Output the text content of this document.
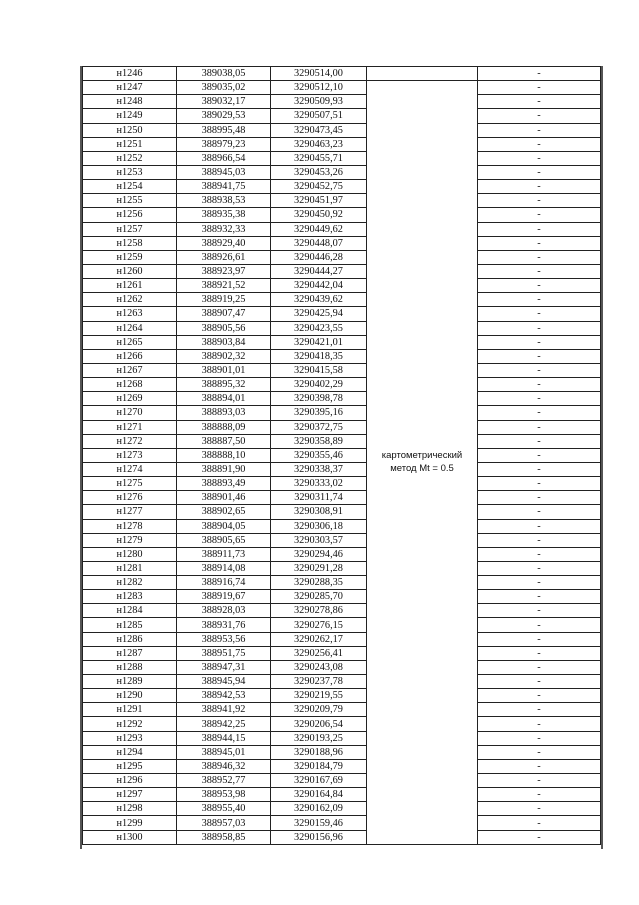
н1246	389038,05	3290514,00		-
н1247	389035,02	3290512,10	картометрический метод Mt = 0.5	-
н1248	389032,17	3290509,93		-
н1249	389029,53	3290507,51		-
н1250	388995,48	3290473,45		-
н1251	388979,23	3290463,23		-
н1252	388966,54	3290455,71		-
н1253	388945,03	3290453,26		-
н1254	388941,75	3290452,75		-
н1255	388938,53	3290451,97		-
н1256	388935,38	3290450,92		-
н1257	388932,33	3290449,62		-
н1258	388929,40	3290448,07		-
н1259	388926,61	3290446,28		-
н1260	388923,97	3290444,27		-
н1261	388921,52	3290442,04		-
н1262	388919,25	3290439,62		-
н1263	388907,47	3290425,94		-
н1264	388905,56	3290423,55		-
н1265	388903,84	3290421,01		-
н1266	388902,32	3290418,35		-
н1267	388901,01	3290415,58		-
н1268	388895,32	3290402,29		-
н1269	388894,01	3290398,78		-
н1270	388893,03	3290395,16		-
н1271	388888,09	3290372,75		-
н1272	388887,50	3290358,89		-
н1273	388888,10	3290355,46		-
н1274	388891,90	3290338,37		-
н1275	388893,49	3290333,02		-
н1276	388901,46	3290311,74		-
н1277	388902,65	3290308,91		-
н1278	388904,05	3290306,18		-
н1279	388905,65	3290303,57		-
н1280	388911,73	3290294,46		-
н1281	388914,08	3290291,28		-
н1282	388916,74	3290288,35		-
н1283	388919,67	3290285,70		-
н1284	388928,03	3290278,86		-
н1285	388931,76	3290276,15		-
н1286	388953,56	3290262,17		-
н1287	388951,75	3290256,41		-
н1288	388947,31	3290243,08		-
н1289	388945,94	3290237,78		-
н1290	388942,53	3290219,55		-
н1291	388941,92	3290209,79		-
н1292	388942,25	3290206,54		-
н1293	388944,15	3290193,25		-
н1294	388945,01	3290188,96		-
н1295	388946,32	3290184,79		-
н1296	388952,77	3290167,69		-
н1297	388953,98	3290164,84		-
н1298	388955,40	3290162,09		-
н1299	388957,03	3290159,46		-
н1300	388958,85	3290156,96		-
